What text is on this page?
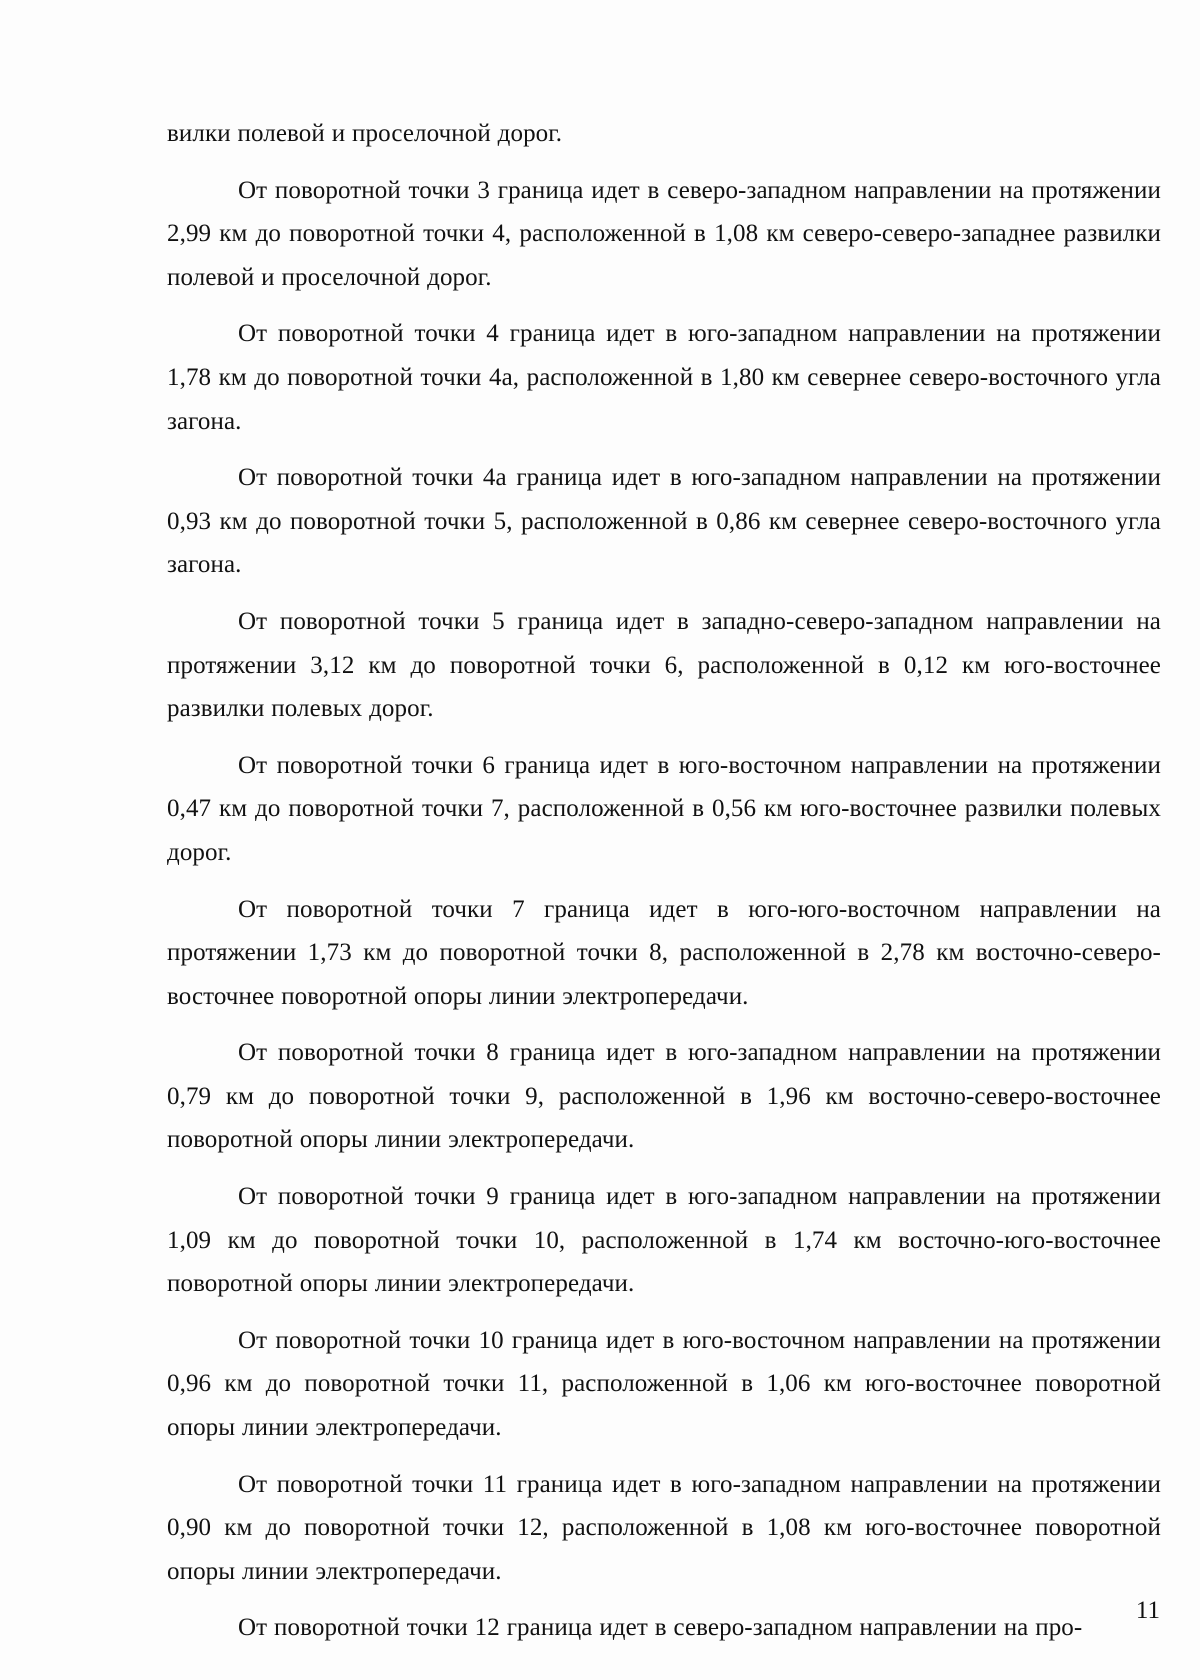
вилки полевой и проселочной дорог.

От поворотной точки 3 граница идет в северо-западном направлении на протяжении 2,99 км до поворотной точки 4, расположенной в 1,08 км северо-северо-западнее развилки полевой и проселочной дорог.

От поворотной точки 4 граница идет в юго-западном направлении на протяжении 1,78 км до поворотной точки 4а, расположенной в 1,80 км севернее северо-восточного угла загона.

От поворотной точки 4а граница идет в юго-западном направлении на протяжении 0,93 км до поворотной точки 5, расположенной в 0,86 км севернее северо-восточного угла загона.

От поворотной точки 5 граница идет в западно-северо-западном направлении на протяжении 3,12 км до поворотной точки 6, расположенной в 0,12 км юго-восточнее развилки полевых дорог.

От поворотной точки 6 граница идет в юго-восточном направлении на протяжении 0,47 км до поворотной точки 7, расположенной в 0,56 км юго-восточнее развилки полевых дорог.

От поворотной точки 7 граница идет в юго-юго-восточном направлении на протяжении 1,73 км до поворотной точки 8, расположенной в 2,78 км восточно-северо-восточнее поворотной опоры линии электропередачи.

От поворотной точки 8 граница идет в юго-западном направлении на протяжении 0,79 км до поворотной точки 9, расположенной в 1,96 км восточно-северо-восточнее поворотной опоры линии электропередачи.

От поворотной точки 9 граница идет в юго-западном направлении на протяжении 1,09 км до поворотной точки 10, расположенной в 1,74 км восточно-юго-восточнее поворотной опоры линии электропередачи.

От поворотной точки 10 граница идет в юго-восточном направлении на протяжении 0,96 км до поворотной точки 11, расположенной в 1,06 км юго-восточнее поворотной опоры линии электропередачи.

От поворотной точки 11 граница идет в юго-западном направлении на протяжении 0,90 км до поворотной точки 12, расположенной в 1,08 км юго-восточнее поворотной опоры линии электропередачи.

От поворотной точки 12 граница идет в северо-западном направлении на про-

11
